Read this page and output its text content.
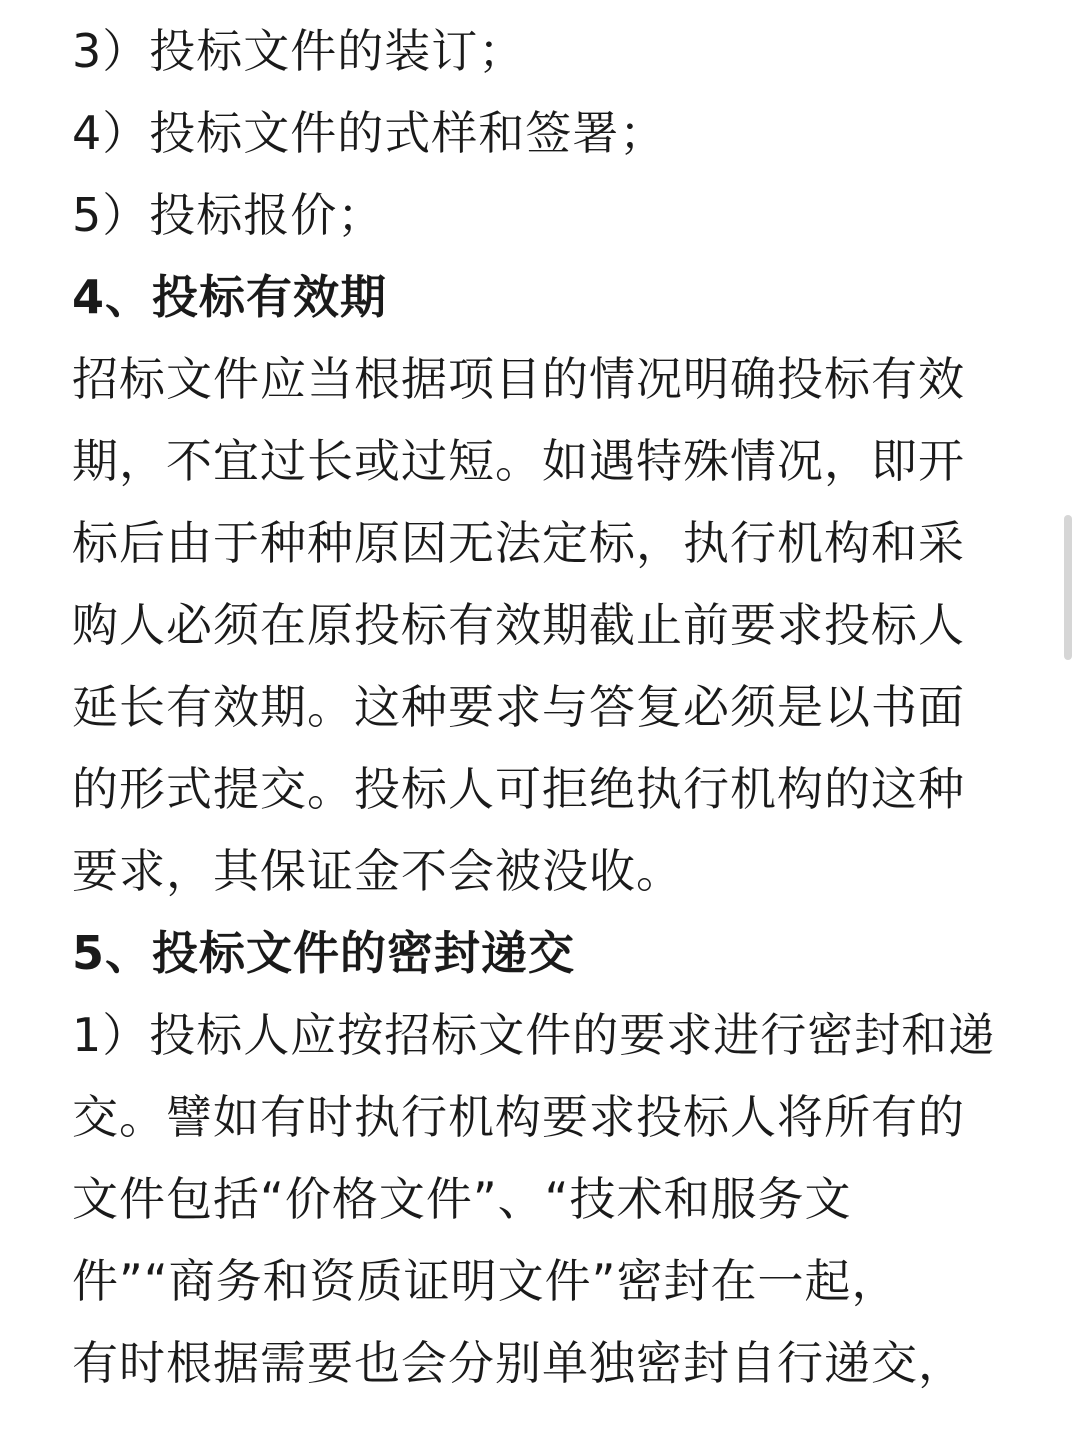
3）投标文件的装订；
4）投标文件的式样和签署；
5）投标报价；
4、投标有效期
招标文件应当根据项目的情况明确投标有效
期，不宜过长或过短。如遇特殊情况，即开
标后由于种种原因无法定标，执行机构和采
购人必须在原投标有效期截止前要求投标人
延长有效期。这种要求与答复必须是以书面
的形式提交。投标人可拒绝执行机构的这种
要求，其保证金不会被没收。
5、投标文件的密封递交
1）投标人应按招标文件的要求进行密封和递
交。譬如有时执行机构要求投标人将所有的
文件包括“价格文件”、“技术和服务文
件”“商务和资质证明文件”密封在一起，
有时根据需要也会分别单独密封自行递交，
